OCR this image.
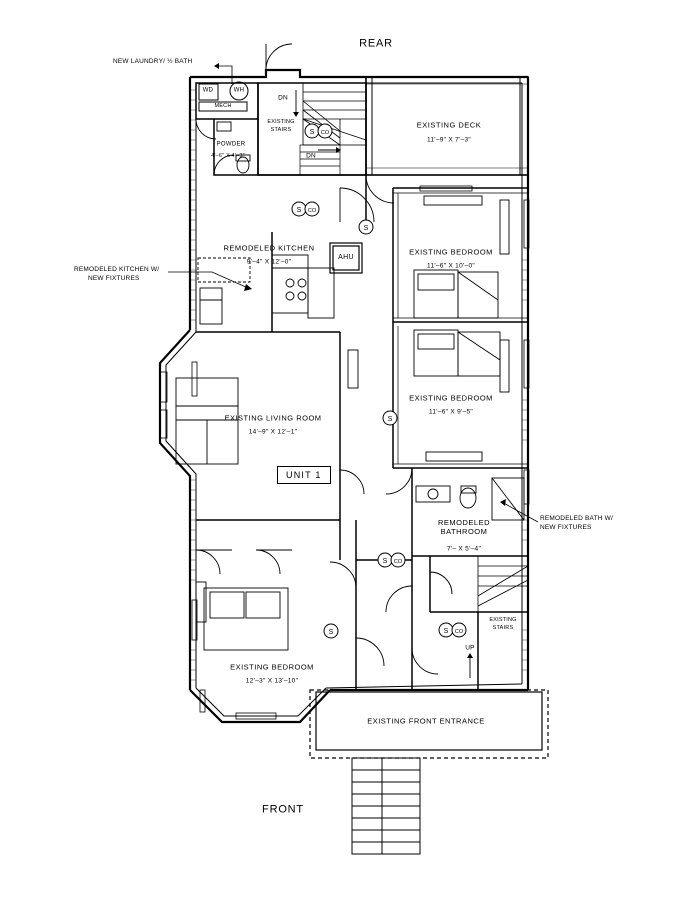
S CO
S CO
S
S
S CO
S CO
S
REAR
FRONT
UNIT 1
NEW LAUNDRY/ ½ BATH
REMODELED KITCHEN W/
NEW FIXTURES
REMODELED BATH W/
NEW FIXTURES
EXISTING DECK
11'–9" X 7'–3"
REMODELED KITCHEN
9'–4" X 12'–0"
EXISTING BEDROOM
11'–6" X 10'–0"
EXISTING BEDROOM
11'–6" X 9'–5"
EXISTING LIVING ROOM
14'–9" X 12'–1"
REMODELED BATHROOM
7'– X 5'–4"
EXISTING BEDROOM
12'–3" X 13'–10"
EXISTING FRONT ENTRANCE
POWDER
4'–6" X 4'–3"
WD	WH
MECH
AHU
EXISTING
STAIRS
EXISTING
STAIRS
DN
DN
UP
